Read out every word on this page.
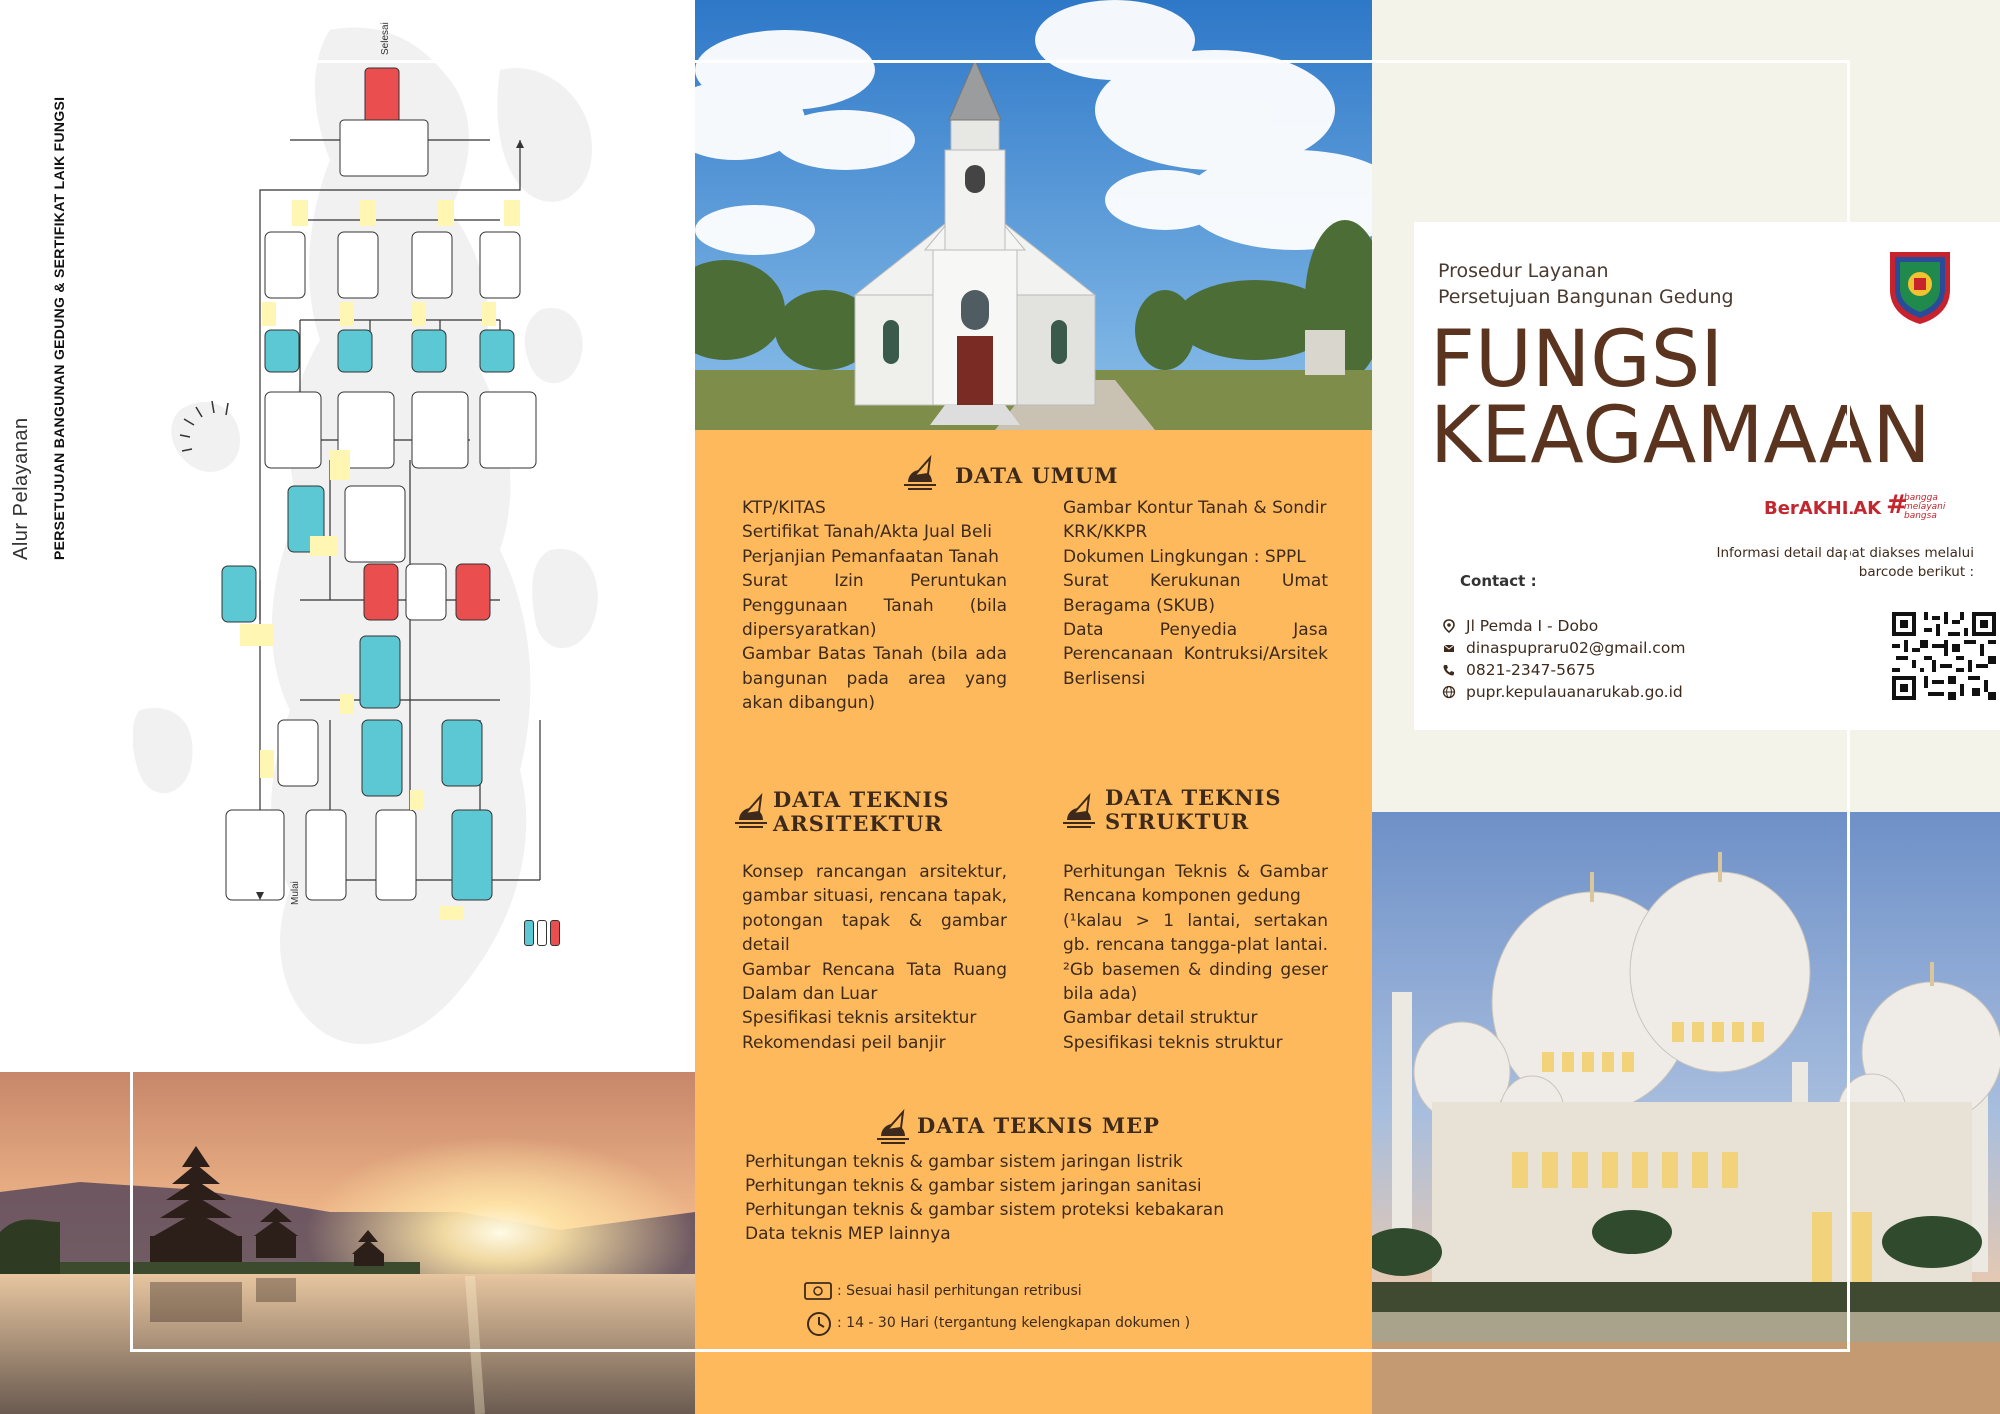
Alur Pelayanan PERSETUJUAN BANGUNAN GEDUNG & SERTIFIKAT LAIK FUNGSI
Mulai
Selesai
DATA UMUM
KTP/KITAS
Sertifikat Tanah/Akta Jual Beli
Perjanjian Pemanfaatan Tanah
Surat Izin Peruntukan Penggunaan Tanah (bila dipersyaratkan)
Gambar Batas Tanah (bila ada bangunan pada area yang akan dibangun)
Gambar Kontur Tanah & Sondir
KRK/KKPR
Dokumen Lingkungan : SPPL
Surat Kerukunan Umat Beragama (SKUB)
Data Penyedia Jasa Perencanaan Kontruksi/Arsitek Berlisensi
DATA TEKNIS
ARSITEKTUR
Konsep rancangan arsitektur, gambar situasi, rencana tapak, potongan tapak & gambar detail
Gambar Rencana Tata Ruang Dalam dan Luar
Spesifikasi teknis arsitektur
Rekomendasi peil banjir
DATA TEKNIS
STRUKTUR
Perhitungan Teknis & Gambar Rencana komponen gedung
(¹kalau > 1 lantai, sertakan gb. rencana tangga-plat lantai. ²Gb basemen & dinding geser bila ada)
Gambar detail struktur
Spesifikasi teknis struktur
DATA TEKNIS MEP
Perhitungan teknis & gambar sistem jaringan listrik
Perhitungan teknis & gambar sistem jaringan sanitasi
Perhitungan teknis & gambar sistem proteksi kebakaran
Data teknis MEP lainnya
: Sesuai hasil perhitungan retribusi
: 14 - 30 Hari (tergantung kelengkapan dokumen )
Prosedur Layanan
Persetujuan Bangunan Gedung
FUNGSI
KEAGAMAAN
BerAKHLAK #
bangga
melayani
bangsa
Informasi detail dapat diakses melalui
barcode berikut :
Contact :
Jl Pemda I - Dobo
dinaspupraru02@gmail.com
0821-2347-5675
pupr.kepulauanarukab.go.id
